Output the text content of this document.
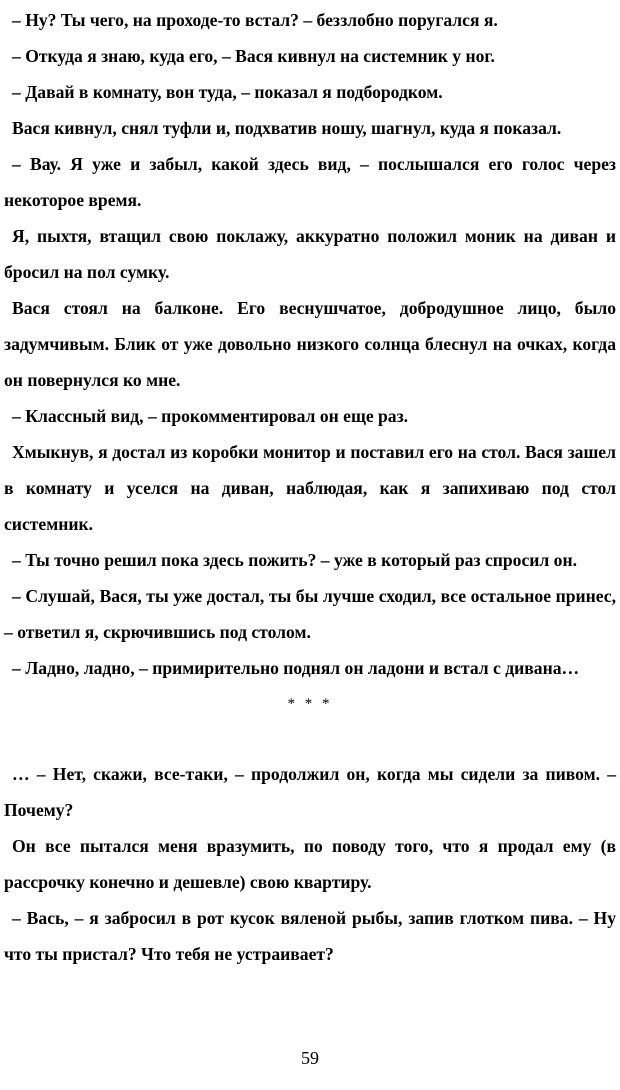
– Ну? Ты чего, на проходе-то встал? – беззлобно поругался я.

– Откуда я знаю, куда его, – Вася кивнул на системник у ног.

– Давай в комнату, вон туда, – показал я подбородком.

Вася кивнул, снял туфли и, подхватив ношу, шагнул, куда я показал.

– Вау. Я уже и забыл, какой здесь вид, – послышался его голос через некоторое время.

Я, пыхтя, втащил свою поклажу, аккуратно положил моник на диван и бросил на пол сумку.

Вася стоял на балконе. Его веснушчатое, добродушное лицо, было задумчивым. Блик от уже довольно низкого солнца блеснул на очках, когда он повернулся ко мне.

– Классный вид, – прокомментировал он еще раз.

Хмыкнув, я достал из коробки монитор и поставил его на стол. Вася зашел в комнату и уселся на диван, наблюдая, как я запихиваю под стол системник.

– Ты точно решил пока здесь пожить? – уже в который раз спросил он.

– Слушай, Вася, ты уже достал, ты бы лучше сходил, все остальное принес, – ответил я, скрючившись под столом.

– Ладно, ладно, – примирительно поднял он ладони и встал с дивана…

* * *

… – Нет, скажи, все-таки, – продолжил он, когда мы сидели за пивом. – Почему?

Он все пытался меня вразумить, по поводу того, что я продал ему (в рассрочку конечно и дешевле) свою квартиру.

– Вась, – я забросил в рот кусок вяленой рыбы, запив глотком пива. – Ну что ты пристал? Что тебя не устраивает?

59
